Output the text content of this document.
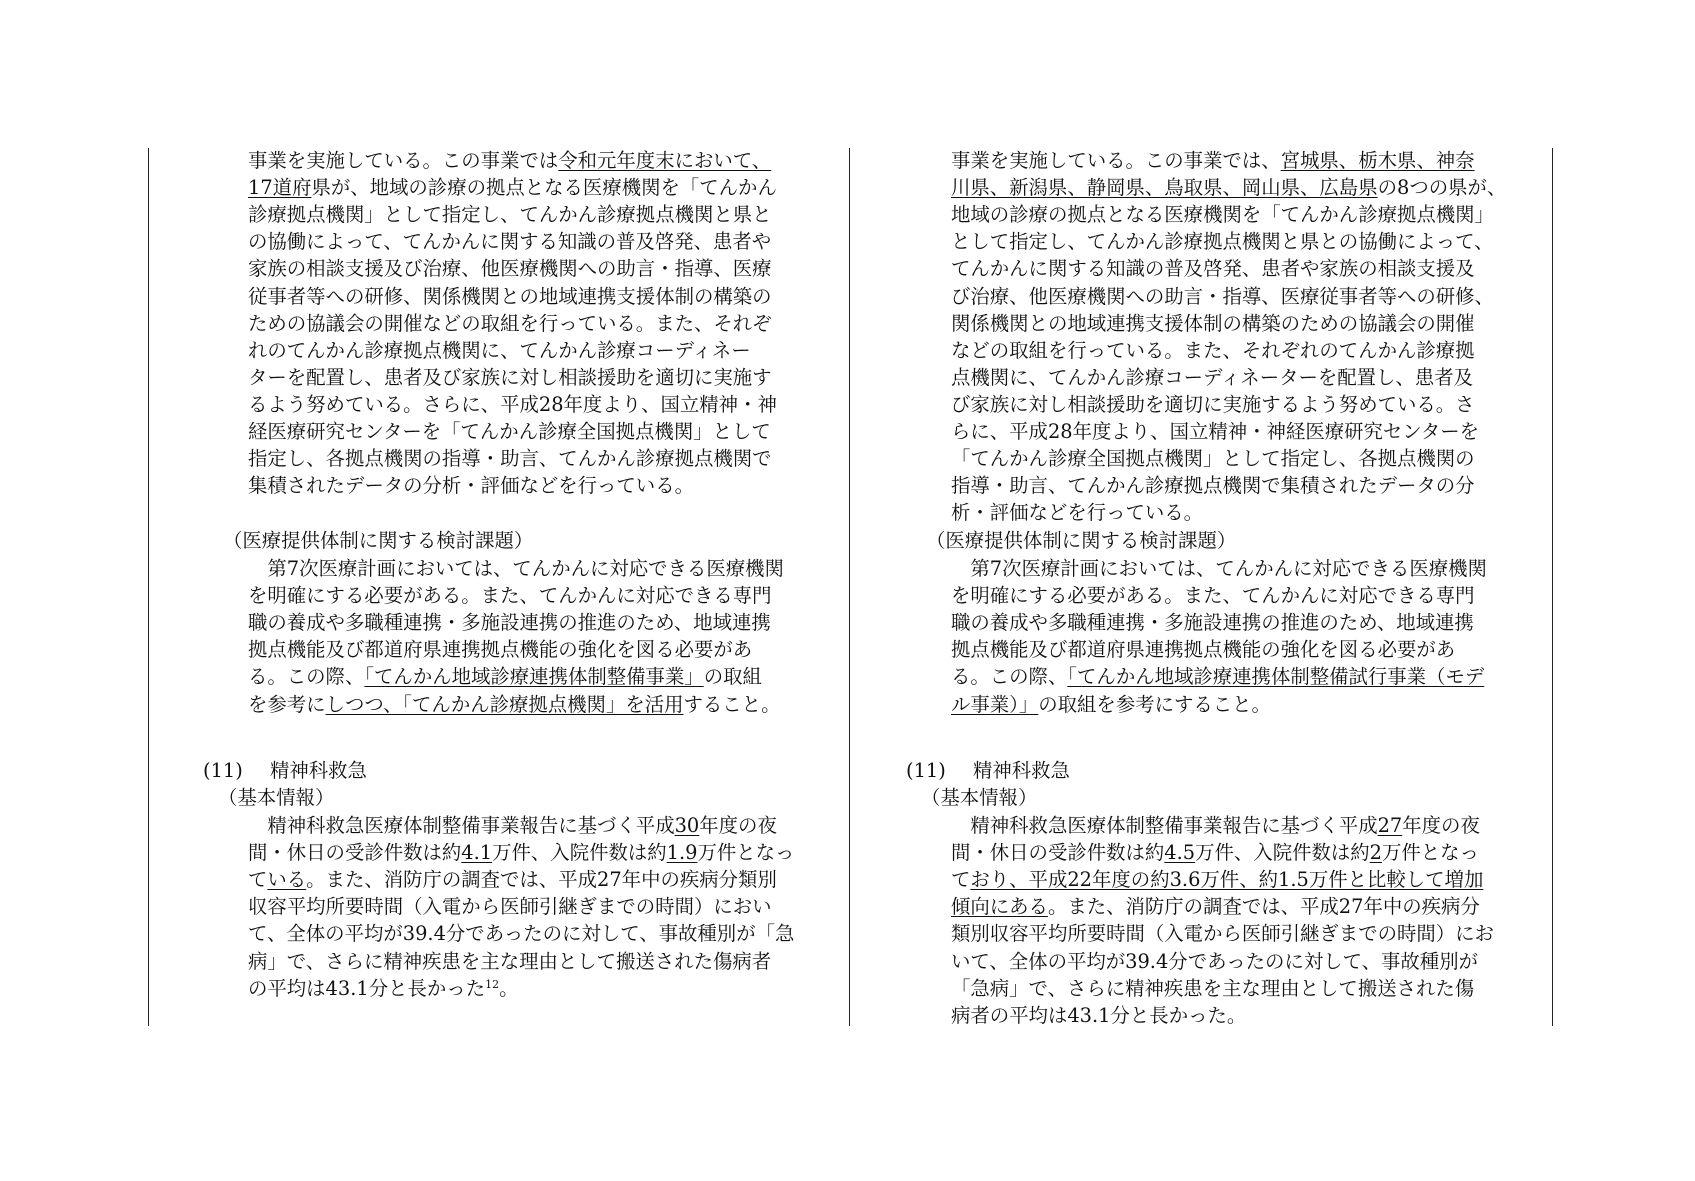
事業を実施している。この事業では令和元年度末において、
17道府県が、地域の診療の拠点となる医療機関を「てんかん
診療拠点機関」として指定し、てんかん診療拠点機関と県と
の協働によって、てんかんに関する知識の普及啓発、患者や
家族の相談支援及び治療、他医療機関への助言・指導、医療
従事者等への研修、関係機関との地域連携支援体制の構築の
ための協議会の開催などの取組を行っている。また、それぞ
れのてんかん診療拠点機関に、てんかん診療コーディネー
ターを配置し、患者及び家族に対し相談援助を適切に実施す
るよう努めている。さらに、平成28年度より、国立精神・神
経医療研究センターを「てんかん診療全国拠点機関」として
指定し、各拠点機関の指導・助言、てんかん診療拠点機関で
集積されたデータの分析・評価などを行っている。
（医療提供体制に関する検討課題）
　第7次医療計画においては、てんかんに対応できる医療機関
を明確にする必要がある。また、てんかんに対応できる専門
職の養成や多職種連携・多施設連携の推進のため、地域連携
拠点機能及び都道府県連携拠点機能の強化を図る必要があ
る。この際、「てんかん地域診療連携体制整備事業」の取組
を参考にしつつ、「てんかん診療拠点機関」を活用すること。
(11) 精神科救急
（基本情報）
　精神科救急医療体制整備事業報告に基づく平成30年度の夜
間・休日の受診件数は約4.1万件、入院件数は約1.9万件となっ
ている。また、消防庁の調査では、平成27年中の疾病分類別
収容平均所要時間（入電から医師引継ぎまでの時間）におい
て、全体の平均が39.4分であったのに対して、事故種別が「急
病」で、さらに精神疾患を主な理由として搬送された傷病者
の平均は43.1分と長かった$^{12}$。
事業を実施している。この事業では、宮城県、栃木県、神奈
川県、新潟県、静岡県、鳥取県、岡山県、広島県の8つの県が、
地域の診療の拠点となる医療機関を「てんかん診療拠点機関」
として指定し、てんかん診療拠点機関と県との協働によって、
てんかんに関する知識の普及啓発、患者や家族の相談支援及
び治療、他医療機関への助言・指導、医療従事者等への研修、
関係機関との地域連携支援体制の構築のための協議会の開催
などの取組を行っている。また、それぞれのてんかん診療拠
点機関に、てんかん診療コーディネーターを配置し、患者及
び家族に対し相談援助を適切に実施するよう努めている。さ
らに、平成28年度より、国立精神・神経医療研究センターを
「てんかん診療全国拠点機関」として指定し、各拠点機関の
指導・助言、てんかん診療拠点機関で集積されたデータの分
析・評価などを行っている。
（医療提供体制に関する検討課題）
　第7次医療計画においては、てんかんに対応できる医療機関
を明確にする必要がある。また、てんかんに対応できる専門
職の養成や多職種連携・多施設連携の推進のため、地域連携
拠点機能及び都道府県連携拠点機能の強化を図る必要があ
る。この際、「てんかん地域診療連携体制整備試行事業（モデ
ル事業）」の取組を参考にすること。
(11) 精神科救急
（基本情報）
　精神科救急医療体制整備事業報告に基づく平成27年度の夜
間・休日の受診件数は約4.5万件、入院件数は約2万件となっ
ており、平成22年度の約3.6万件、約1.5万件と比較して増加
傾向にある。また、消防庁の調査では、平成27年中の疾病分
類別収容平均所要時間（入電から医師引継ぎまでの時間）にお
いて、全体の平均が39.4分であったのに対して、事故種別が
「急病」で、さらに精神疾患を主な理由として搬送された傷
病者の平均は43.1分と長かった。
